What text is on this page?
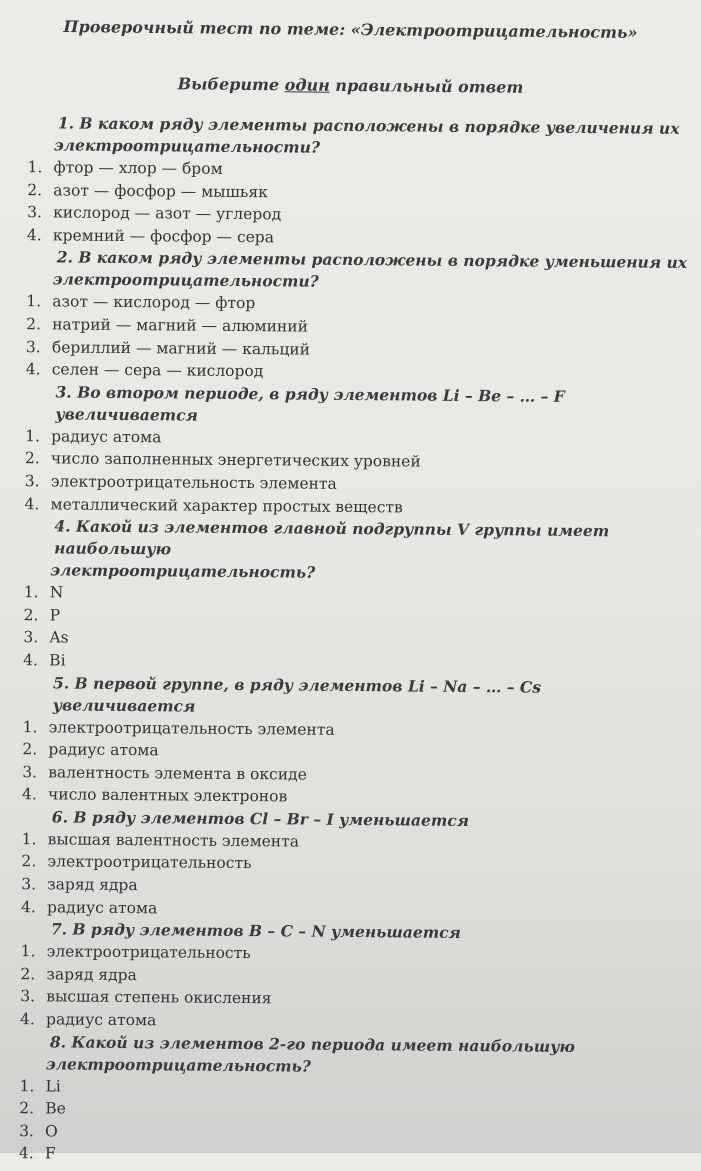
Проверочный тест по теме: «Электроотрицательность»
Выберите один правильный ответ
1. В каком ряду элементы расположены в порядке увеличения их
электроотрицательности?
1. фтор — хлор — бром
2. азот — фосфор — мышьяк
3. кислород — азот — углерод
4. кремний — фосфор — сера
2. В каком ряду элементы расположены в порядке уменьшения их
электроотрицательности?
1. азот — кислород — фтор
2. натрий — магний — алюминий
3. бериллий — магний — кальций
4. селен — сера — кислород
3. Во втором периоде, в ряду элементов Li – Be – … – F увеличивается
1. радиус атома
2. число заполненных энергетических уровней
3. электроотрицательность элемента
4. металлический характер простых веществ
4. Какой из элементов главной подгруппы V группы имеет наибольшую
электроотрицательность?
1. N
2. P
3. As
4. Bi
5. В первой группе, в ряду элементов Li – Na – … – Cs увеличивается
1. электроотрицательность элемента
2. радиус атома
3. валентность элемента в оксиде
4. число валентных электронов
6. В ряду элементов Cl – Br – I уменьшается
1. высшая валентность элемента
2. электроотрицательность
3. заряд ядра
4. радиус атома
7. В ряду элементов B – C – N уменьшается
1. электроотрицательность
2. заряд ядра
3. высшая степень окисления
4. радиус атома
8. Какой из элементов 2-го периода имеет наибольшую
электроотрицательность?
1. Li
2. Be
3. O
4. F
